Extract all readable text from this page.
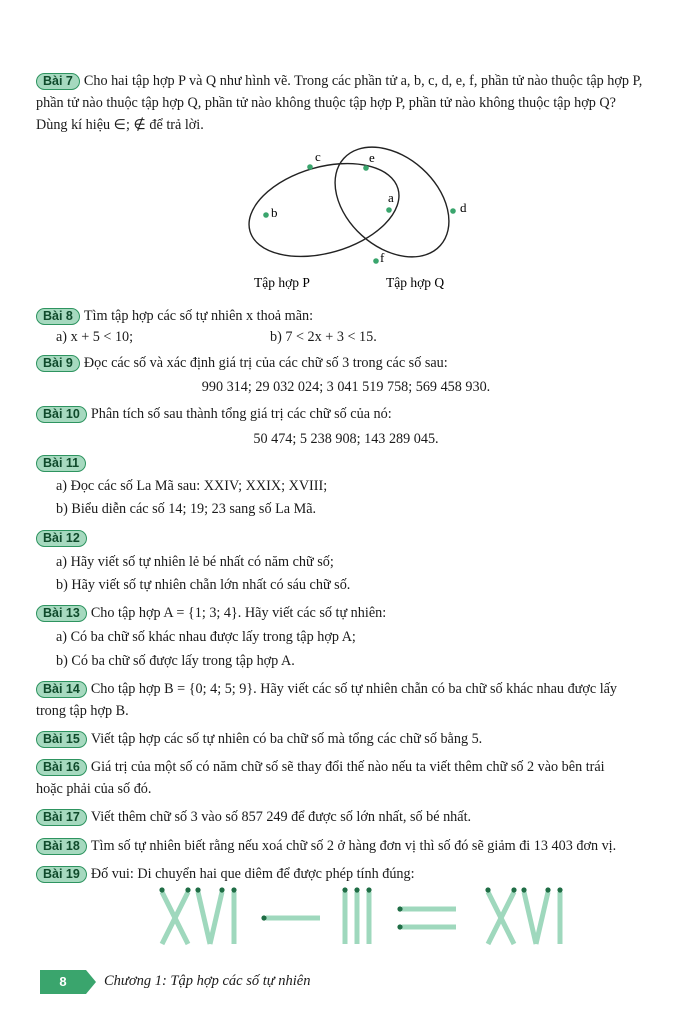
Bài 7 Cho hai tập hợp P và Q như hình vẽ. Trong các phần tử a, b, c, d, e, f, phần tử nào thuộc tập hợp P,
phần tử nào thuộc tập hợp Q, phần tử nào không thuộc tập hợp P, phần tử nào không thuộc tập hợp Q?
Dùng kí hiệu ∈; ∉ để trả lời.
c	e
a
b	d
f
Tập hợp P	Tập hợp Q
Bài 8 Tìm tập hợp các số tự nhiên x thoả mãn:
a) x + 5 < 10;	b) 7 < 2x + 3 < 15.
Bài 9 Đọc các số và xác định giá trị của các chữ số 3 trong các số sau:
990 314; 29 032 024; 3 041 519 758; 569 458 930.
Bài 10 Phân tích số sau thành tổng giá trị các chữ số của nó:
50 474; 5 238 908; 143 289 045.
Bài 11
a) Đọc các số La Mã sau: XXIV; XXIX; XVIII;
b) Biểu diễn các số 14; 19; 23 sang số La Mã.
Bài 12
a) Hãy viết số tự nhiên lẻ bé nhất có năm chữ số;
b) Hãy viết số tự nhiên chẵn lớn nhất có sáu chữ số.
Bài 13 Cho tập hợp A = {1; 3; 4}. Hãy viết các số tự nhiên:
a) Có ba chữ số khác nhau được lấy trong tập hợp A;
b) Có ba chữ số được lấy trong tập hợp A.
Bài 14 Cho tập hợp B = {0; 4; 5; 9}. Hãy viết các số tự nhiên chẵn có ba chữ số khác nhau được lấy
trong tập hợp B.
Bài 15 Viết tập hợp các số tự nhiên có ba chữ số mà tổng các chữ số bằng 5.
Bài 16 Giá trị của một số có năm chữ số sẽ thay đổi thế nào nếu ta viết thêm chữ số 2 vào bên trái
hoặc phải của số đó.
Bài 17 Viết thêm chữ số 3 vào số 857 249 để được số lớn nhất, số bé nhất.
Bài 18 Tìm số tự nhiên biết rằng nếu xoá chữ số 2 ở hàng đơn vị thì số đó sẽ giảm đi 13 403 đơn vị.
Bài 19 Đố vui: Di chuyển hai que diêm để được phép tính đúng:
8	Chương 1: Tập hợp các số tự nhiên
